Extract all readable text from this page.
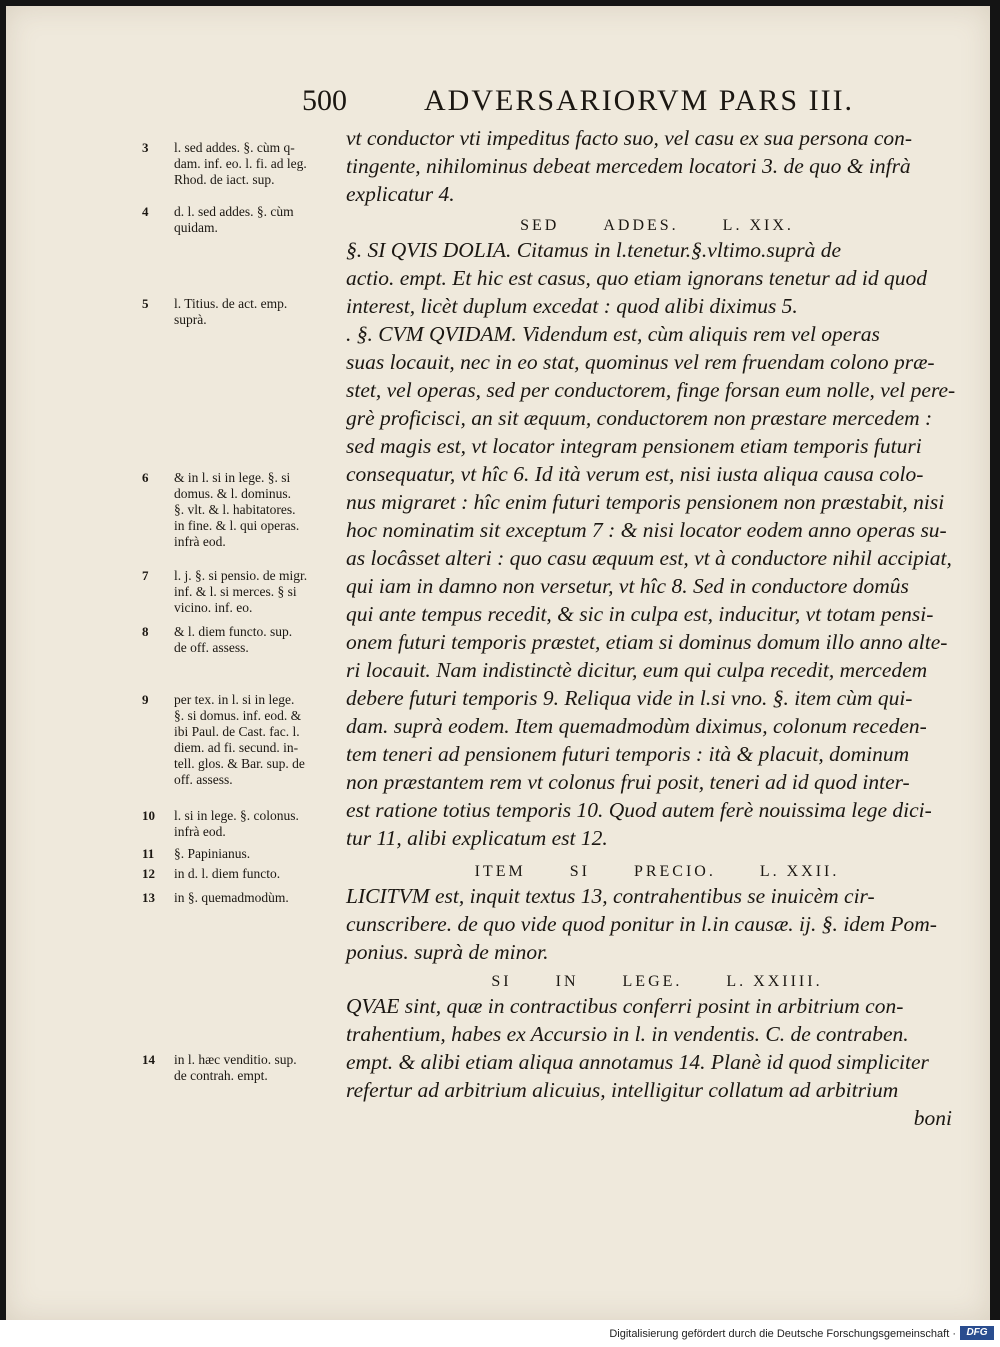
500	ADVERSARIORVM PARS III.
vt conductor vti impeditus facto suo, vel casu ex sua persona con-
tingente, nihilominus debeat mercedem locatori 3. de quo & infrà
explicatur 4.
SED	ADDES.	L. XIX.
§. SI QVIS DOLIA. Citamus in l.tenetur.§.vltimo.suprà de
actio. empt. Et hic est casus, quo etiam ignorans tenetur ad id quod
interest, licèt duplum excedat : quod alibi diximus 5.
. §. CVM QVIDAM. Videndum est, cùm aliquis rem vel operas
suas locauit, nec in eo stat, quominus vel rem fruendam colono præ-
stet, vel operas, sed per conductorem, finge forsan eum nolle, vel pere-
grè proficisci, an sit æquum, conductorem non præstare mercedem :
sed magis est, vt locator integram pensionem etiam temporis futuri
consequatur, vt hîc 6. Id ità verum est, nisi iusta aliqua causa colo-
nus migraret : hîc enim futuri temporis pensionem non præstabit, nisi
hoc nominatim sit exceptum 7 : & nisi locator eodem anno operas su-
as locâsset alteri : quo casu æquum est, vt à conductore nihil accipiat,
qui iam in damno non versetur, vt hîc 8. Sed in conductore domûs
qui ante tempus recedit, & sic in culpa est, inducitur, vt totam pensi-
onem futuri temporis præstet, etiam si dominus domum illo anno alte-
ri locauit. Nam indistinctè dicitur, eum qui culpa recedit, mercedem
debere futuri temporis 9. Reliqua vide in l.si vno. §. item cùm qui-
dam. suprà eodem. Item quemadmodùm diximus, colonum receden-
tem teneri ad pensionem futuri temporis : ità & placuit, dominum
non præstantem rem vt colonus frui posit, teneri ad id quod inter-
est ratione totius temporis 10. Quod autem ferè nouissima lege dici-
tur 11, alibi explicatum est 12.
ITEM	SI	PRECIO.	L. XXII.
LICITVM est, inquit textus 13, contrahentibus se inuicèm cir-
cunscribere. de quo vide quod ponitur in l.in causæ. ij. §. idem Pom-
ponius. suprà de minor.
SI	IN	LEGE.	L. XXIIII.
QVAE sint, quæ in contractibus conferri posint in arbitrium con-
trahentium, habes ex Accursio in l. in vendentis. C. de contraben.
empt. & alibi etiam aliqua annotamus 14. Planè id quod simpliciter
refertur ad arbitrium alicuius, intelligitur collatum ad arbitrium
boni
3 l. sed addes. §. cùm q-
dam. inf. eo. l. fi. ad leg.
Rhod. de iact. sup.
4 d. l. sed addes. §. cùm
quidam.
5 l. Titius. de act. emp.
suprà.
6 & in l. si in lege. §. si
domus. & l. dominus.
§. vlt. & l. habitatores.
in fine. & l. qui operas.
infrà eod.
7 l. j. §. si pensio. de migr.
inf. & l. si merces. § si
vicino. inf. eo.
8 & l. diem functo. sup.
de off. assess.
9 per tex. in l. si in lege.
§. si domus. inf. eod. &
ibi Paul. de Cast. fac. l.
diem. ad fi. secund. in-
tell. glos. & Bar. sup. de
off. assess.
10 l. si in lege. §. colonus.
infrà eod.
11 §. Papinianus.
12 in d. l. diem functo.
13 in §. quemadmodùm.
14 in l. hæc venditio. sup.
de contrah. empt.
Digitalisierung gefördert durch die Deutsche Forschungsgemeinschaft ·	DFG
